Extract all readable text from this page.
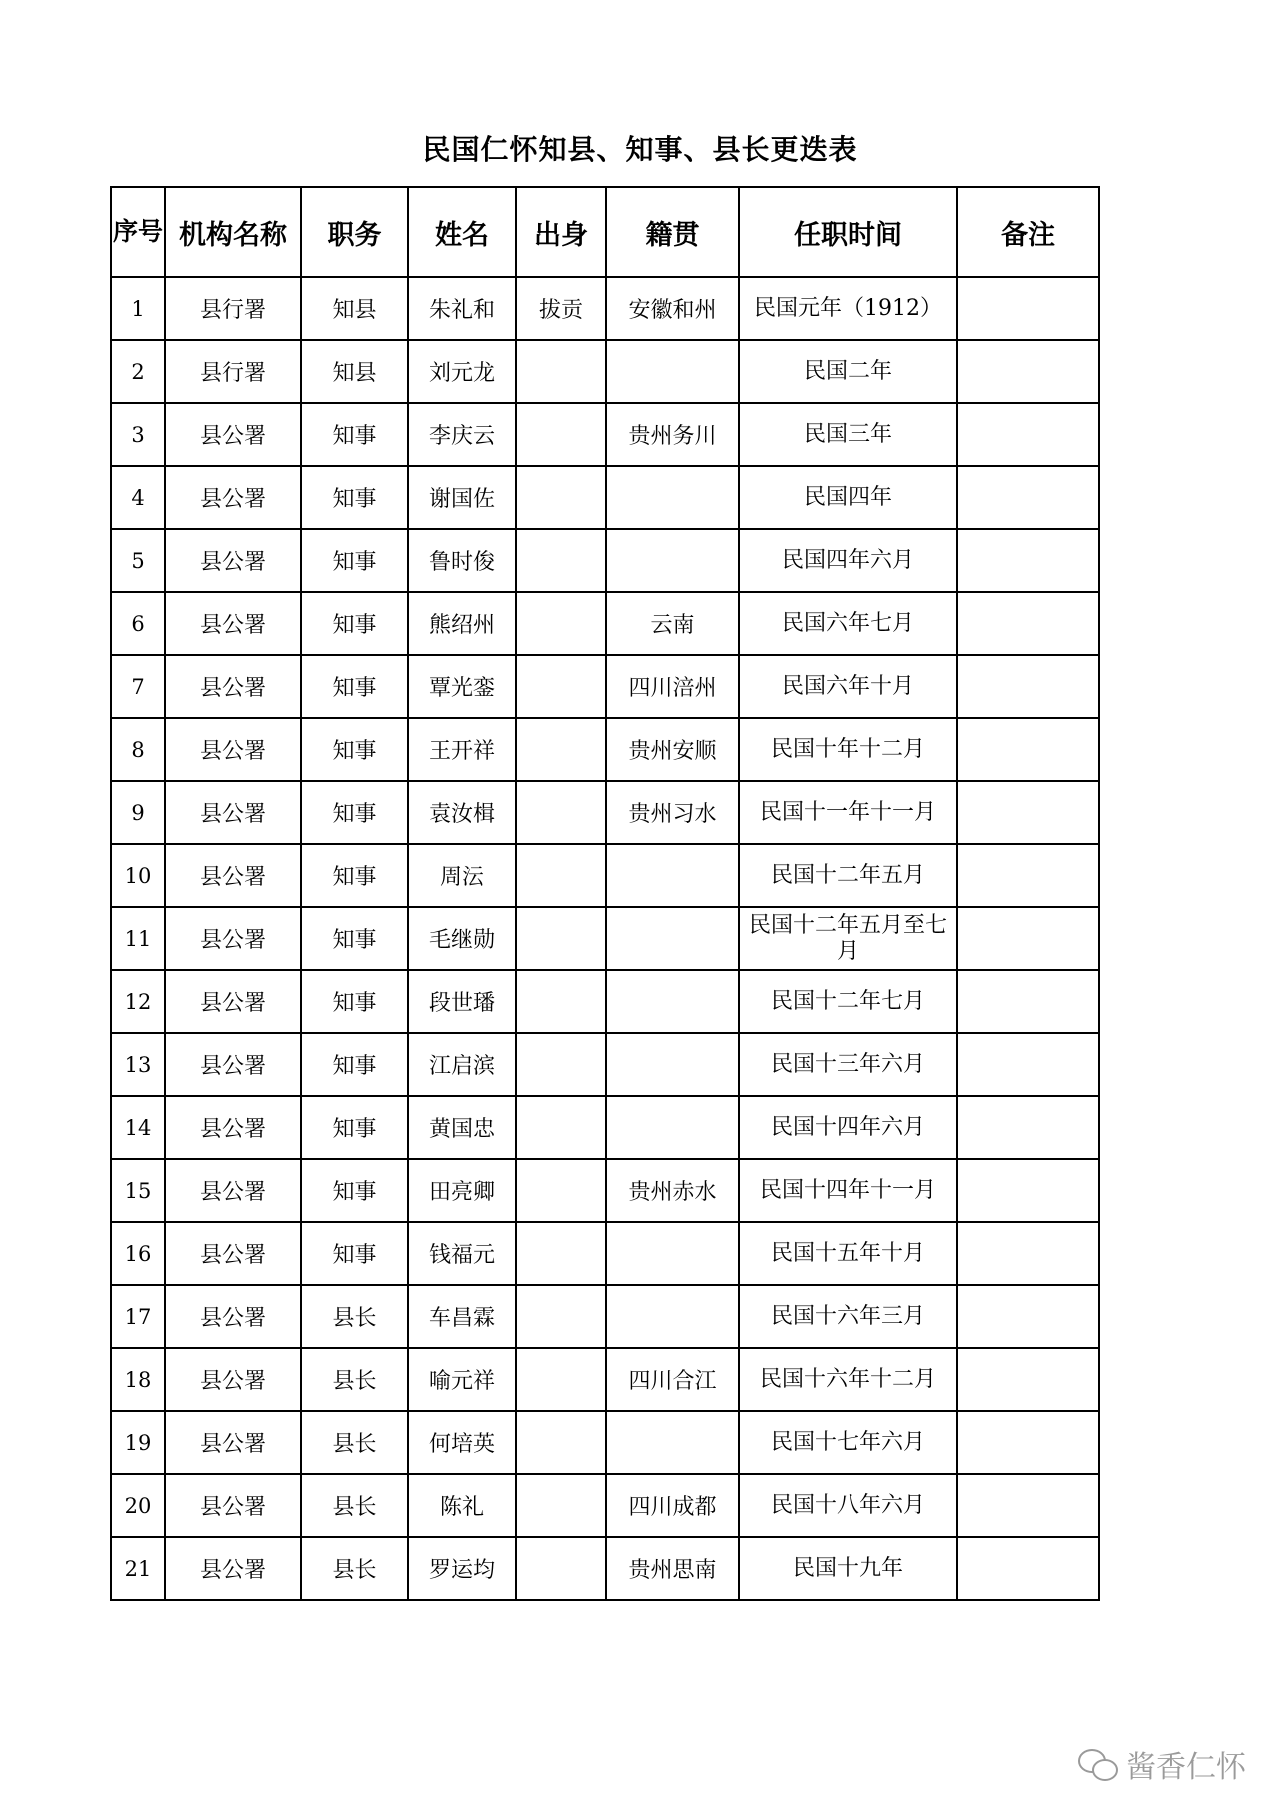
民国仁怀知县、知事、县长更迭表
序号	机构名称	职务	姓名	出身	籍贯	任职时间	备注
1	县行署	知县	朱礼和	拔贡	安徽和州	民国元年（1912）	
2	县行署	知县	刘元龙			民国二年	
3	县公署	知事	李庆云		贵州务川	民国三年	
4	县公署	知事	谢国佐			民国四年	
5	县公署	知事	鲁时俊			民国四年六月	
6	县公署	知事	熊绍州		云南	民国六年七月	
7	县公署	知事	覃光銮		四川涪州	民国六年十月	
8	县公署	知事	王开祥		贵州安顺	民国十年十二月	
9	县公署	知事	袁汝楫		贵州习水	民国十一年十一月	
10	县公署	知事	周沄			民国十二年五月	
11	县公署	知事	毛继勋			民国十二年五月至七月	
12	县公署	知事	段世璠			民国十二年七月	
13	县公署	知事	江启滨			民国十三年六月	
14	县公署	知事	黄国忠			民国十四年六月	
15	县公署	知事	田亮卿		贵州赤水	民国十四年十一月	
16	县公署	知事	钱福元			民国十五年十月	
17	县公署	县长	车昌霖			民国十六年三月	
18	县公署	县长	喻元祥		四川合江	民国十六年十二月	
19	县公署	县长	何培英			民国十七年六月	
20	县公署	县长	陈礼		四川成都	民国十八年六月	
21	县公署	县长	罗运均		贵州思南	民国十九年	
酱香仁怀
